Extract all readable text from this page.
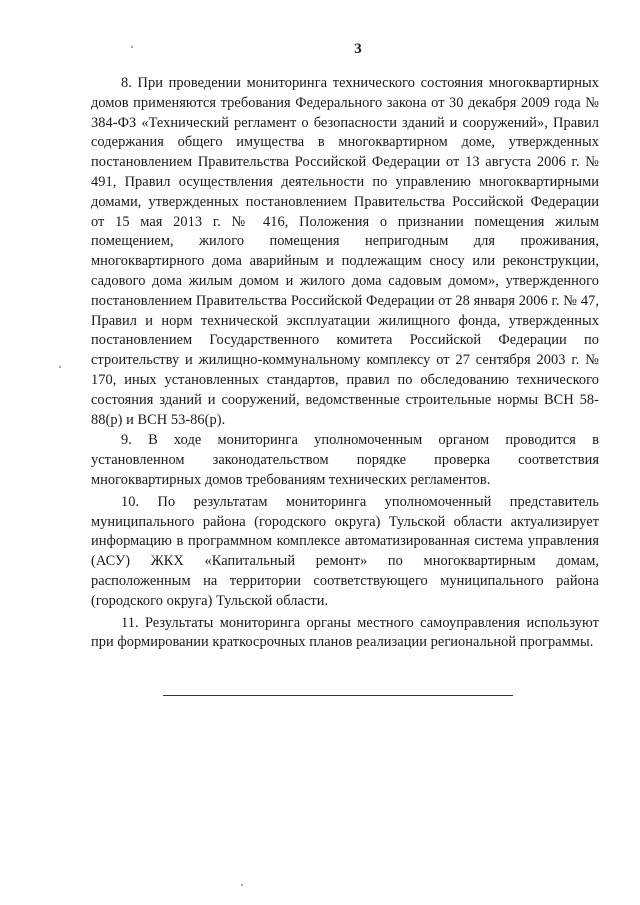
3

8. При проведении мониторинга технического состояния многоквартирных домов применяются требования Федерального закона от 30 декабря 2009 года № 384-ФЗ «Технический регламент о безопасности зданий и сооружений», Правил содержания общего имущества в многоквартирном доме, утвержденных постановлением Правительства Российской Федерации от 13 августа 2006 г. № 491, Правил осуществления деятельности по управлению многоквартирными домами, утвержденных постановлением Правительства Российской Федерации от 15 мая 2013 г. № 416, Положения о признании помещения жилым помещением, жилого помещения непригодным для проживания, многоквартирного дома аварийным и подлежащим сносу или реконструкции, садового дома жилым домом и жилого дома садовым домом», утвержденного постановлением Правительства Российской Федерации от 28 января 2006 г. № 47, Правил и норм технической эксплуатации жилищного фонда, утвержденных постановлением Государственного комитета Российской Федерации по строительству и жилищно-коммунальному комплексу от 27 сентября 2003 г. № 170, иных установленных стандартов, правил по обследованию технического состояния зданий и сооружений, ведомственные строительные нормы ВСН 58-88(р) и ВСН 53-86(р).

9. В ходе мониторинга уполномоченным органом проводится в установленном законодательством порядке проверка соответствия многоквартирных домов требованиям технических регламентов.

10. По результатам мониторинга уполномоченный представитель муниципального района (городского округа) Тульской области актуализирует информацию в программном комплексе автоматизированная система управления (АСУ) ЖКХ «Капитальный ремонт» по многоквартирным домам, расположенным на территории соответствующего муниципального района (городского округа) Тульской области.

11. Результаты мониторинга органы местного самоуправления используют при формировании краткосрочных планов реализации региональной программы.
